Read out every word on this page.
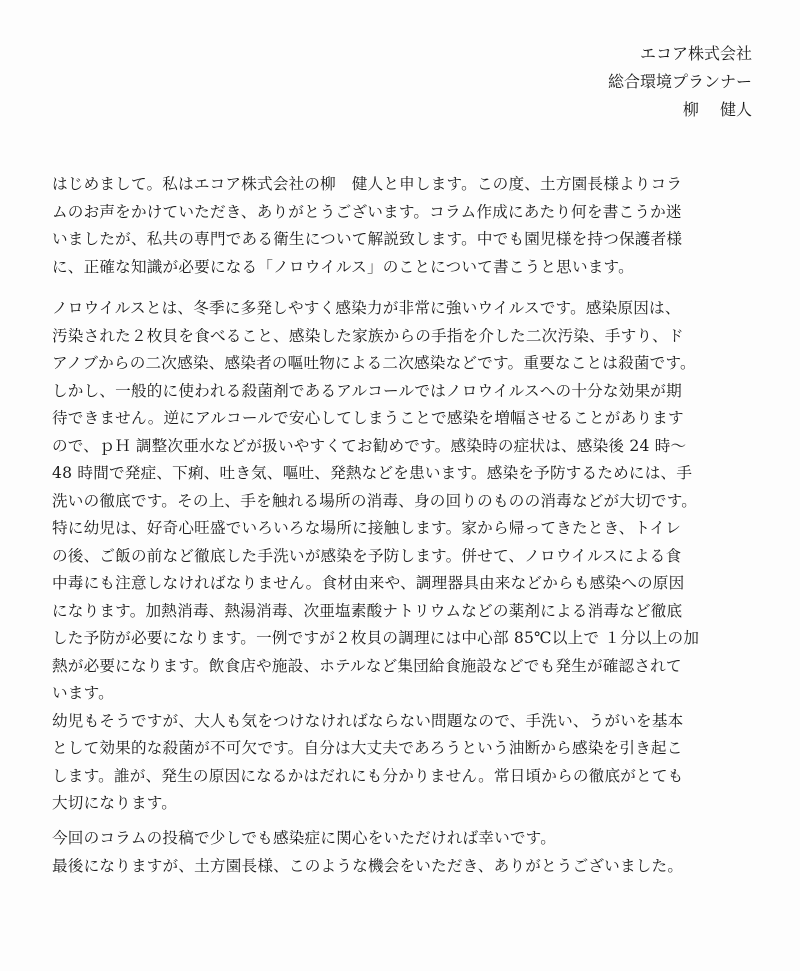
エコア株式会社
総合環境プランナー
柳　 健人
はじめまして。私はエコア株式会社の柳　健人と申します。この度、土方園長様よりコラ
ムのお声をかけていただき、ありがとうございます。コラム作成にあたり何を書こうか迷
いましたが、私共の専門である衛生について解説致します。中でも園児様を持つ保護者様
に、正確な知識が必要になる「ノロウイルス」のことについて書こうと思います。
ノロウイルスとは、冬季に多発しやすく感染力が非常に強いウイルスです。感染原因は、
汚染された２枚貝を食べること、感染した家族からの手指を介した二次汚染、手すり、ド
アノブからの二次感染、感染者の嘔吐物による二次感染などです。重要なことは殺菌です。
しかし、一般的に使われる殺菌剤であるアルコールではノロウイルスへの十分な効果が期
待できません。逆にアルコールで安心してしまうことで感染を増幅させることがあります
ので、ｐＨ 調整次亜水などが扱いやすくてお勧めです。感染時の症状は、感染後 24 時～
48 時間で発症、下痢、吐き気、嘔吐、発熱などを患います。感染を予防するためには、手
洗いの徹底です。その上、手を触れる場所の消毒、身の回りのものの消毒などが大切です。
特に幼児は、好奇心旺盛でいろいろな場所に接触します。家から帰ってきたとき、トイレ
の後、ご飯の前など徹底した手洗いが感染を予防します。併せて、ノロウイルスによる食
中毒にも注意しなければなりません。食材由来や、調理器具由来などからも感染への原因
になります。加熱消毒、熱湯消毒、次亜塩素酸ナトリウムなどの薬剤による消毒など徹底
した予防が必要になります。一例ですが２枚貝の調理には中心部 85℃以上で １分以上の加
熱が必要になります。飲食店や施設、ホテルなど集団給食施設などでも発生が確認されて
います。
幼児もそうですが、大人も気をつけなければならない問題なので、手洗い、うがいを基本
として効果的な殺菌が不可欠です。自分は大丈夫であろうという油断から感染を引き起こ
します。誰が、発生の原因になるかはだれにも分かりません。常日頃からの徹底がとても
大切になります。
今回のコラムの投稿で少しでも感染症に関心をいただければ幸いです。
最後になりますが、土方園長様、このような機会をいただき、ありがとうございました。
